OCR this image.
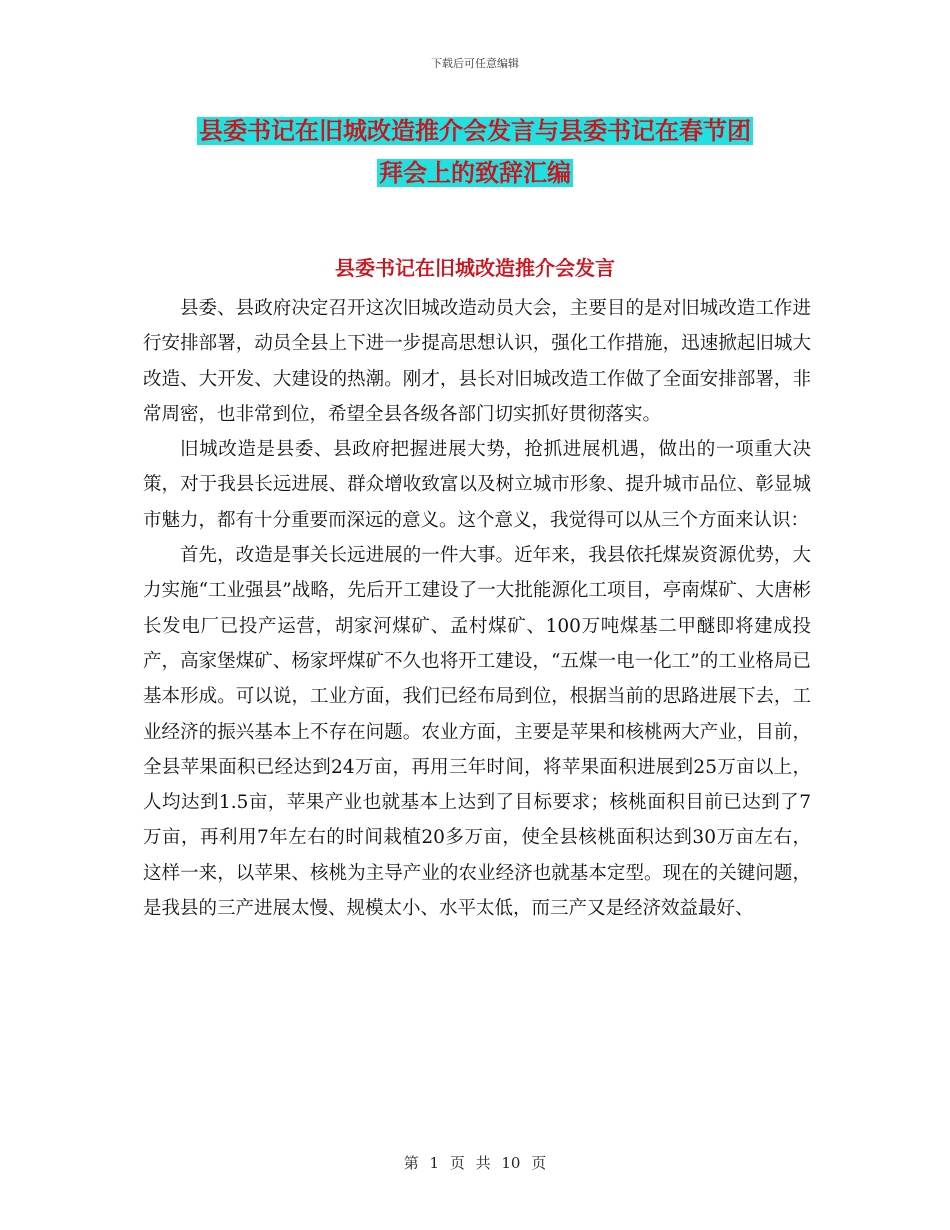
下载后可任意编辑
县委书记在旧城改造推介会发言与县委书记在春节团
拜会上的致辞汇编
县委书记在旧城改造推介会发言

县委、县政府决定召开这次旧城改造动员大会，主要目的是对旧城改造工作进行安排部署，动员全县上下进一步提高思想认识，强化工作措施，迅速掀起旧城大改造、大开发、大建设的热潮。刚才，县长对旧城改造工作做了全面安排部署，非常周密，也非常到位，希望全县各级各部门切实抓好贯彻落实。

旧城改造是县委、县政府把握进展大势，抢抓进展机遇，做出的一项重大决策，对于我县长远进展、群众增收致富以及树立城市形象、提升城市品位、彰显城市魅力，都有十分重要而深远的意义。这个意义，我觉得可以从三个方面来认识：

首先，改造是事关长远进展的一件大事。近年来，我县依托煤炭资源优势，大力实施“工业强县”战略，先后开工建设了一大批能源化工项目，亭南煤矿、大唐彬长发电厂已投产运营，胡家河煤矿、孟村煤矿、100万吨煤基二甲醚即将建成投产，高家堡煤矿、杨家坪煤矿不久也将开工建设，“五煤一电一化工”的工业格局已基本形成。可以说，工业方面，我们已经布局到位，根据当前的思路进展下去，工业经济的振兴基本上不存在问题。农业方面，主要是苹果和核桃两大产业，目前，全县苹果面积已经达到24万亩，再用三年时间，将苹果面积进展到25万亩以上，人均达到1.5亩，苹果产业也就基本上达到了目标要求；核桃面积目前已达到了7万亩，再利用7年左右的时间栽植20多万亩，使全县核桃面积达到30万亩左右，这样一来，以苹果、核桃为主导产业的农业经济也就基本定型。现在的关键问题，是我县的三产进展太慢、规模太小、水平太低，而三产又是经济效益最好、

第 1 页 共 10 页
